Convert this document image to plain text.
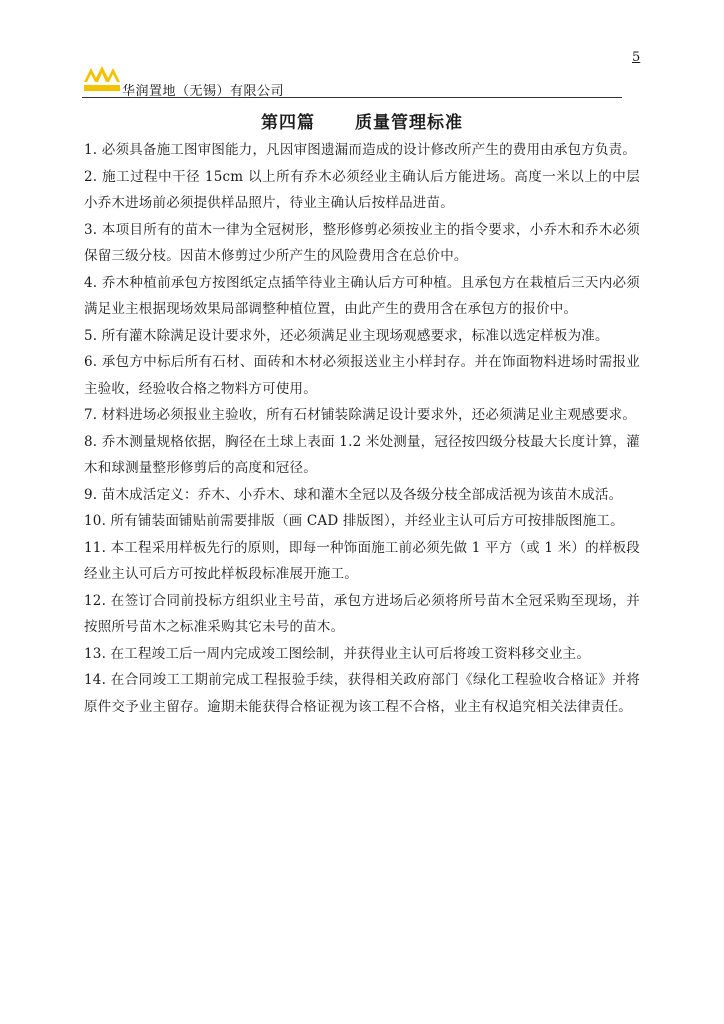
5
华润置地（无锡）有限公司
第四篇 质量管理标准

1. 必须具备施工图审图能力，凡因审图遗漏而造成的设计修改所产生的费用由承包方负责。

2. 施工过程中干径 15cm 以上所有乔木必须经业主确认后方能进场。高度一米以上的中层小乔木进场前必须提供样品照片，待业主确认后按样品进苗。

3. 本项目所有的苗木一律为全冠树形，整形修剪必须按业主的指令要求，小乔木和乔木必须保留三级分枝。因苗木修剪过少所产生的风险费用含在总价中。

4. 乔木种植前承包方按图纸定点插竿待业主确认后方可种植。且承包方在栽植后三天内必须满足业主根据现场效果局部调整种植位置，由此产生的费用含在承包方的报价中。

5. 所有灌木除满足设计要求外，还必须满足业主现场观感要求，标准以选定样板为准。

6. 承包方中标后所有石材、面砖和木材必须报送业主小样封存。并在饰面物料进场时需报业主验收，经验收合格之物料方可使用。

7. 材料进场必须报业主验收，所有石材铺装除满足设计要求外，还必须满足业主观感要求。

8. 乔木测量规格依据，胸径在土球上表面 1.2 米处测量，冠径按四级分枝最大长度计算，灌木和球测量整形修剪后的高度和冠径。

9. 苗木成活定义：乔木、小乔木、球和灌木全冠以及各级分枝全部成活视为该苗木成活。

10. 所有铺装面铺贴前需要排版（画 CAD 排版图），并经业主认可后方可按排版图施工。

11. 本工程采用样板先行的原则，即每一种饰面施工前必须先做 1 平方（或 1 米）的样板段经业主认可后方可按此样板段标准展开施工。

12. 在签订合同前投标方组织业主号苗，承包方进场后必须将所号苗木全冠采购至现场，并按照所号苗木之标准采购其它未号的苗木。

13. 在工程竣工后一周内完成竣工图绘制，并获得业主认可后将竣工资料移交业主。

14. 在合同竣工工期前完成工程报验手续，获得相关政府部门《绿化工程验收合格证》并将原件交予业主留存。逾期未能获得合格证视为该工程不合格，业主有权追究相关法律责任。
